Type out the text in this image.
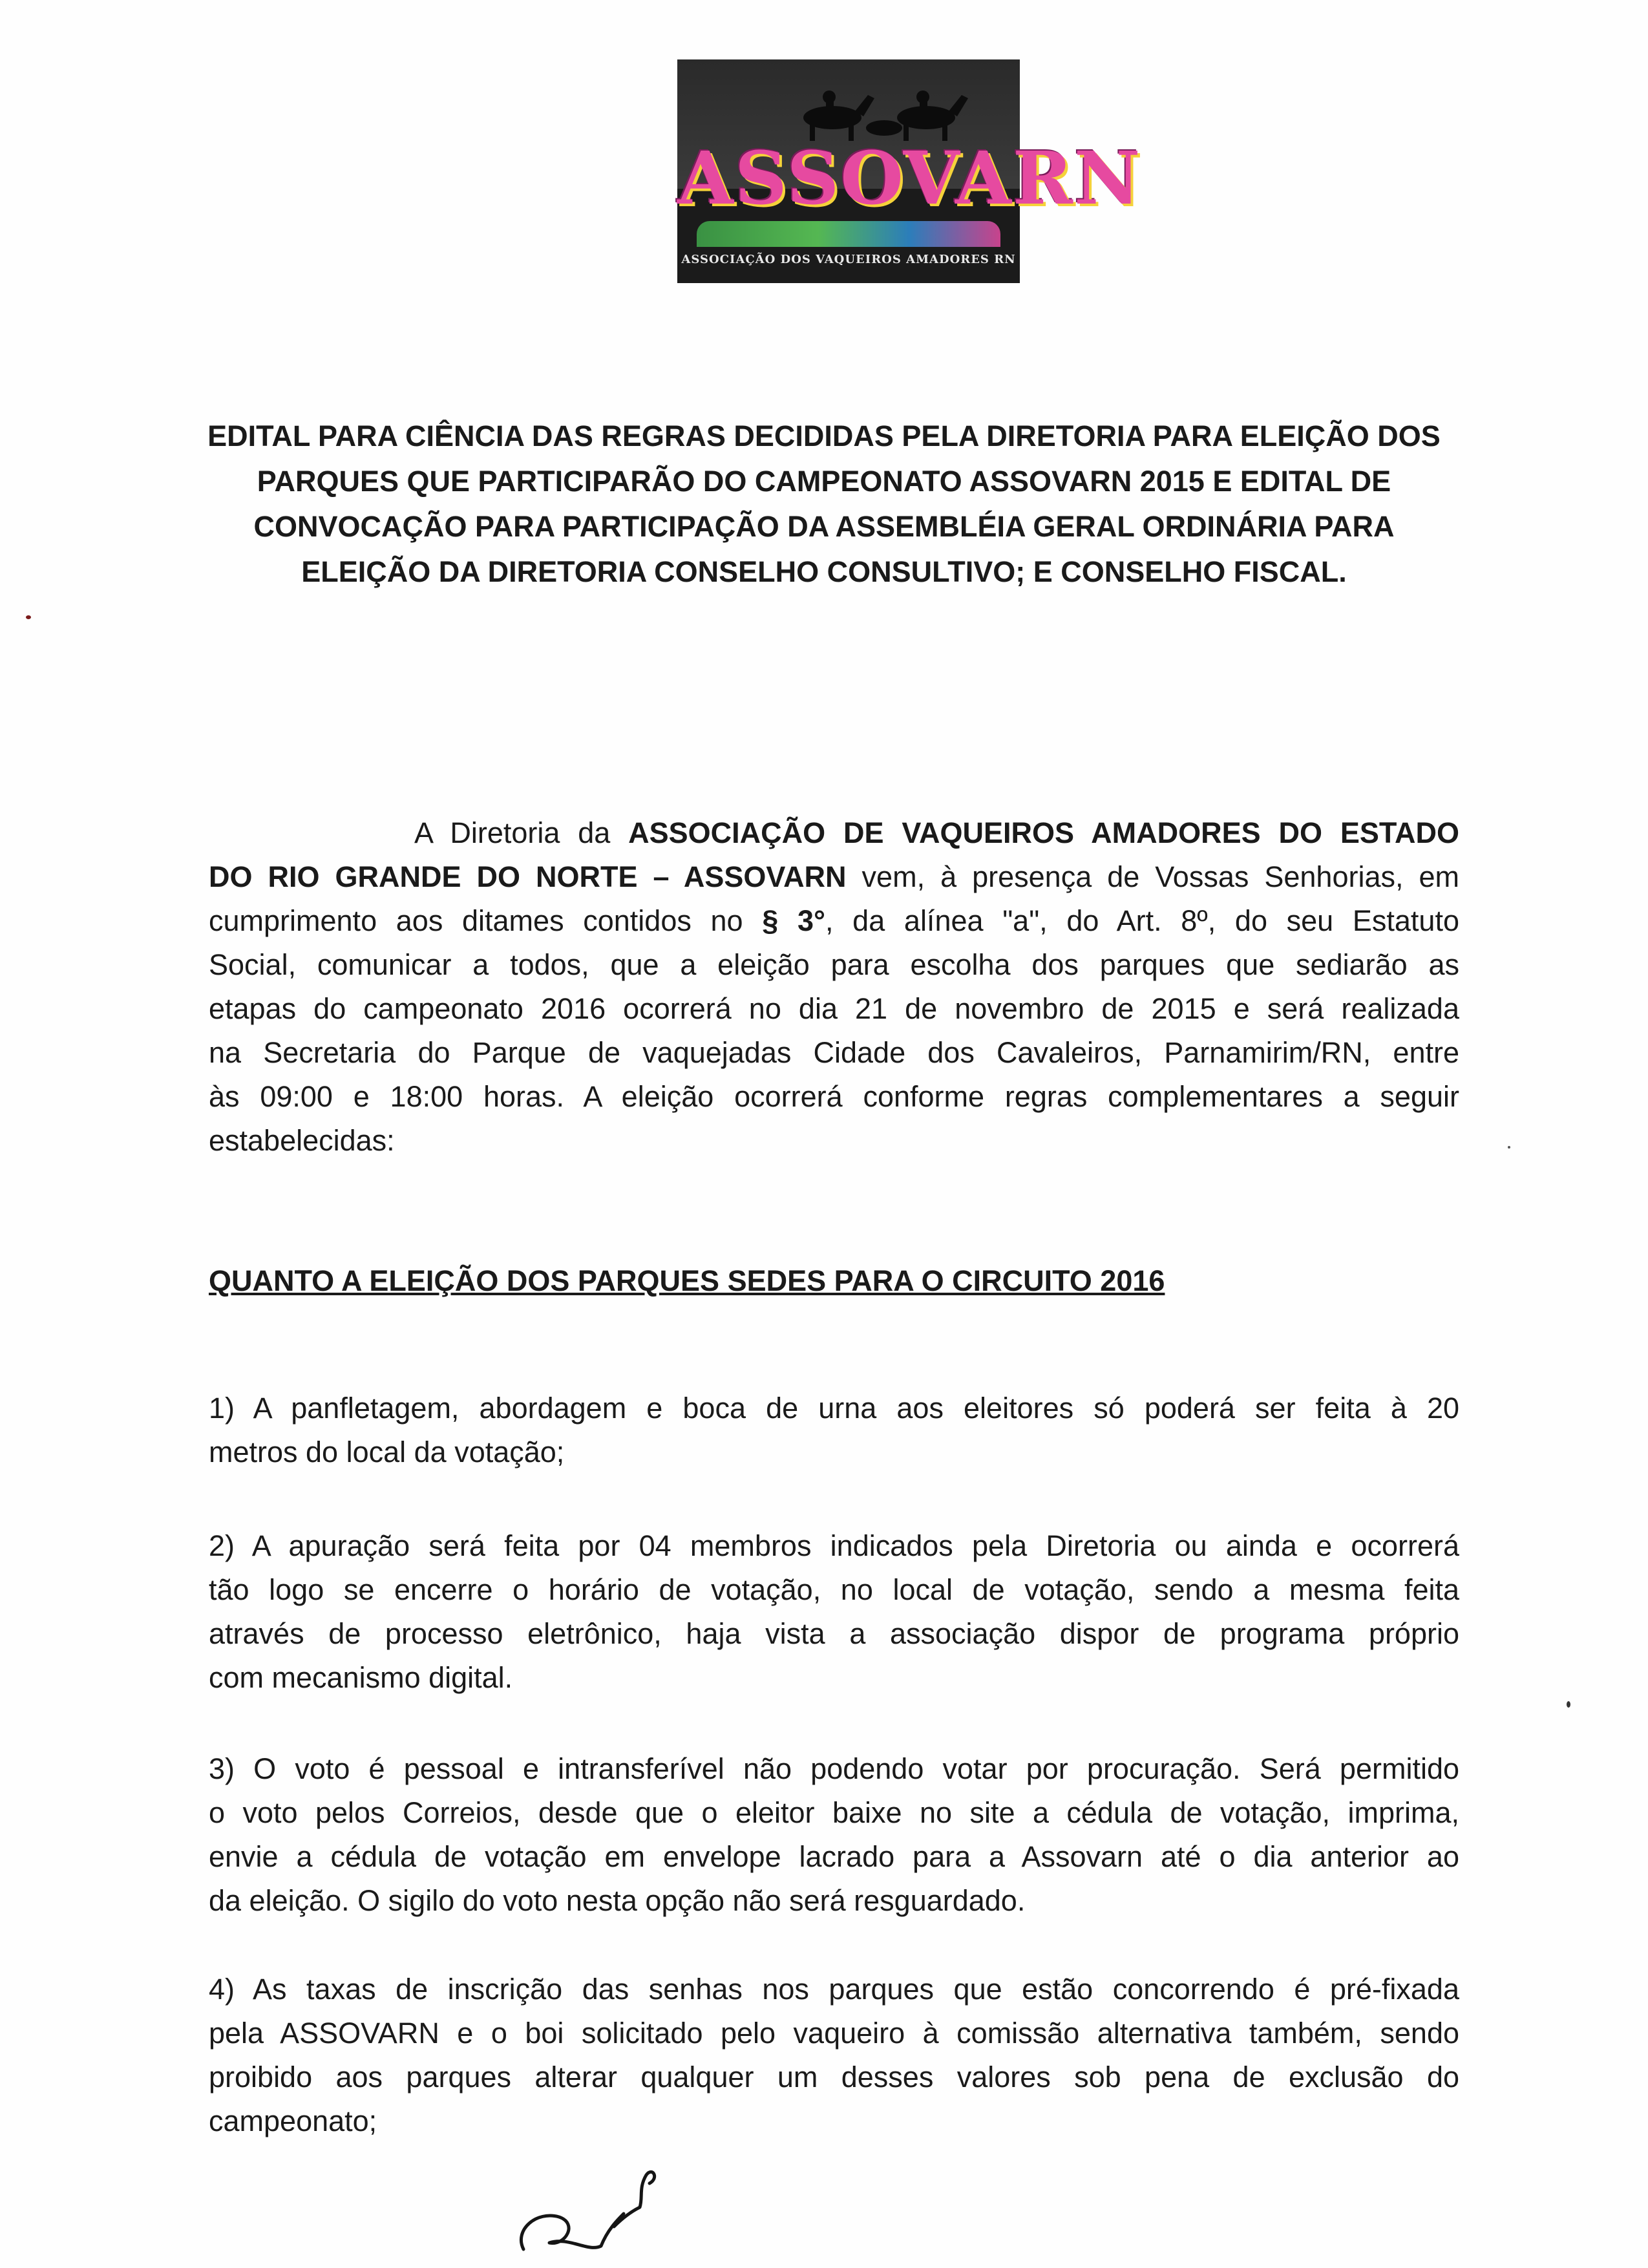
ASSOVARN
ASSOCIAÇÃO DOS VAQUEIROS AMADORES RN
EDITAL PARA CIÊNCIA DAS REGRAS DECIDIDAS PELA DIRETORIA PARA ELEIÇÃO DOS
PARQUES QUE PARTICIPARÃO DO CAMPEONATO ASSOVARN 2015 E EDITAL DE
CONVOCAÇÃO PARA PARTICIPAÇÃO DA ASSEMBLÉIA GERAL ORDINÁRIA PARA
ELEIÇÃO DA DIRETORIA CONSELHO CONSULTIVO; E CONSELHO FISCAL.
A Diretoria da ASSOCIAÇÃO DE VAQUEIROS AMADORES DO ESTADO
DO RIO GRANDE DO NORTE – ASSOVARN vem, à presença de Vossas Senhorias, em
cumprimento aos ditames contidos no § 3°, da alínea "a", do Art. 8º, do seu Estatuto
Social, comunicar a todos, que a eleição para escolha dos parques que sediarão as
etapas do campeonato 2016 ocorrerá no dia 21 de novembro de 2015 e será realizada
na Secretaria do Parque de vaquejadas Cidade dos Cavaleiros, Parnamirim/RN, entre
às 09:00 e 18:00 horas. A eleição ocorrerá conforme regras complementares a seguir
estabelecidas:
QUANTO A ELEIÇÃO DOS PARQUES SEDES PARA O CIRCUITO 2016
1) A panfletagem, abordagem e boca de urna aos eleitores só poderá ser feita à 20
metros do local da votação;
2) A apuração será feita por 04 membros indicados pela Diretoria ou ainda e ocorrerá
tão logo se encerre o horário de votação, no local de votação, sendo a mesma feita
através de processo eletrônico, haja vista a associação dispor de programa próprio
com mecanismo digital.
3) O voto é pessoal e intransferível não podendo votar por procuração. Será permitido
o voto pelos Correios, desde que o eleitor baixe no site a cédula de votação, imprima,
envie a cédula de votação em envelope lacrado para a Assovarn até o dia anterior ao
da eleição. O sigilo do voto nesta opção não será resguardado.
4) As taxas de inscrição das senhas nos parques que estão concorrendo é pré-fixada
pela ASSOVARN e o boi solicitado pelo vaqueiro à comissão alternativa também, sendo
proibido aos parques alterar qualquer um desses valores sob pena de exclusão do
campeonato;
